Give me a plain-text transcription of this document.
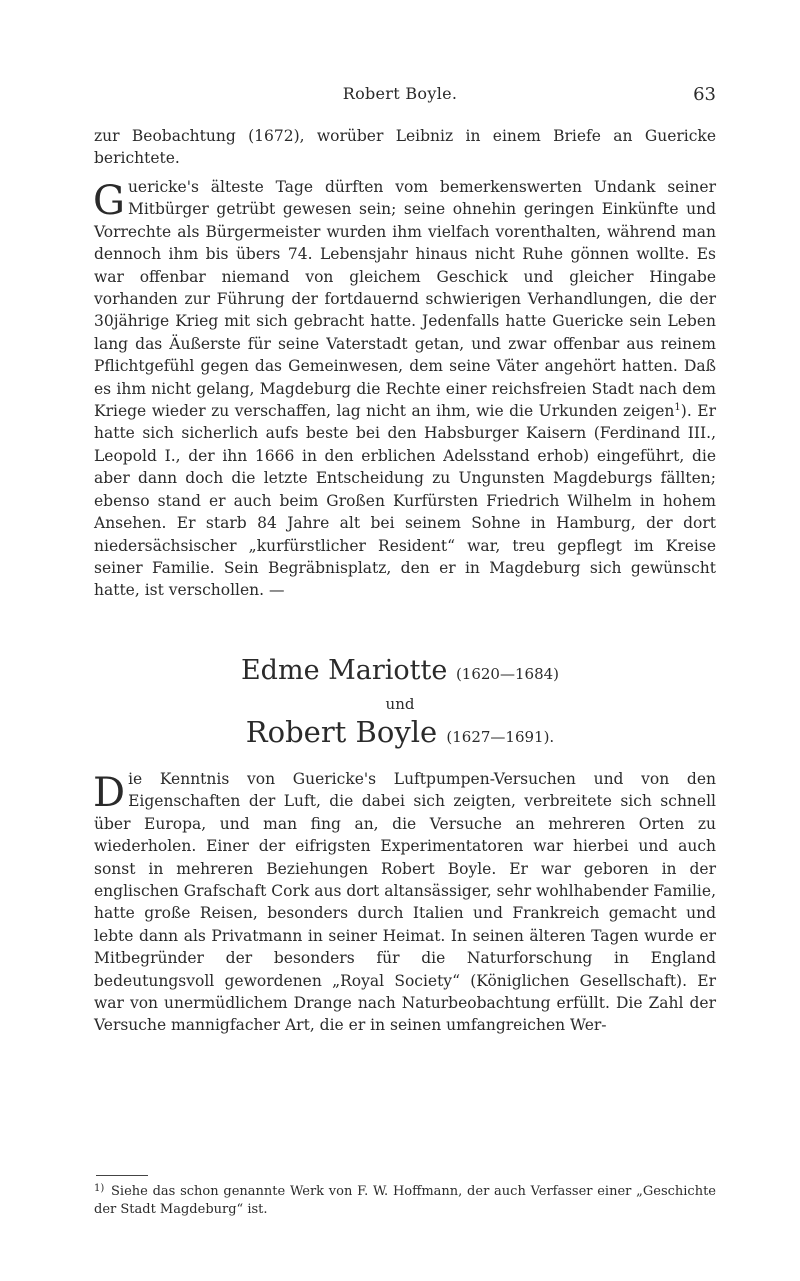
Robert Boyle.	63

zur Beobachtung (1672), worüber Leibniz in einem Briefe an Guericke berichtete.

Guericke's älteste Tage dürften vom bemerkenswerten Undank seiner Mitbürger getrübt gewesen sein; seine ohnehin geringen Einkünfte und Vorrechte als Bürgermeister wurden ihm vielfach vorenthalten, während man dennoch ihm bis übers 74. Lebensjahr hinaus nicht Ruhe gönnen wollte. Es war offenbar niemand von gleichem Geschick und gleicher Hingabe vorhanden zur Führung der fortdauernd schwierigen Verhandlungen, die der 30jährige Krieg mit sich gebracht hatte. Jedenfalls hatte Guericke sein Leben lang das Äußerste für seine Vaterstadt getan, und zwar offenbar aus reinem Pflichtgefühl gegen das Gemeinwesen, dem seine Väter angehört hatten. Daß es ihm nicht gelang, Magdeburg die Rechte einer reichsfreien Stadt nach dem Kriege wieder zu verschaffen, lag nicht an ihm, wie die Urkunden zeigen$^1$). Er hatte sich sicherlich aufs beste bei den Habsburger Kaisern (Ferdinand III., Leopold I., der ihn 1666 in den erblichen Adelsstand erhob) eingeführt, die aber dann doch die letzte Entscheidung zu Ungunsten Magdeburgs fällten; ebenso stand er auch beim Großen Kurfürsten Friedrich Wilhelm in hohem Ansehen. Er starb 84 Jahre alt bei seinem Sohne in Hamburg, der dort niedersächsischer „kurfürstlicher Resident“ war, treu gepflegt im Kreise seiner Familie. Sein Begräbnisplatz, den er in Magdeburg sich gewünscht hatte, ist verschollen. —

Edme Mariotte (1620—1684)
und
Robert Boyle (1627—1691).

Die Kenntnis von Guericke's Luftpumpen-Versuchen und von den Eigenschaften der Luft, die dabei sich zeigten, verbreitete sich schnell über Europa, und man fing an, die Versuche an mehreren Orten zu wiederholen. Einer der eifrigsten Experimentatoren war hierbei und auch sonst in mehreren Beziehungen Robert Boyle. Er war geboren in der englischen Grafschaft Cork aus dort altansässiger, sehr wohlhabender Familie, hatte große Reisen, besonders durch Italien und Frankreich gemacht und lebte dann als Privatmann in seiner Heimat. In seinen älteren Tagen wurde er Mitbegründer der besonders für die Naturforschung in England bedeutungsvoll gewordenen „Royal Society“ (Königlichen Gesellschaft). Er war von unermüdlichem Drange nach Naturbeobachtung erfüllt. Die Zahl der Versuche mannigfacher Art, die er in seinen umfangreichen Wer-

$^{1)}$ Siehe das schon genannte Werk von F. W. Hoffmann, der auch Verfasser einer „Geschichte der Stadt Magdeburg“ ist.
